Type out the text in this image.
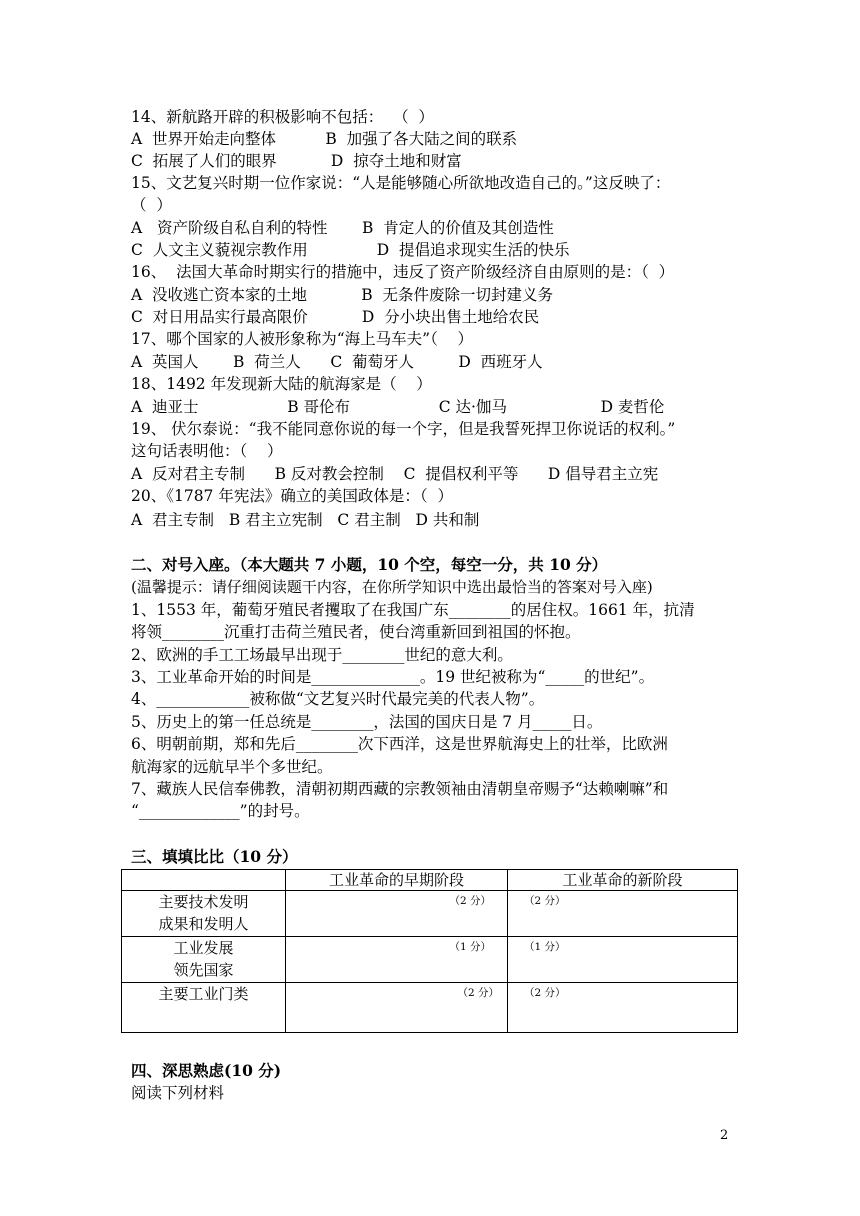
14、新航路开辟的积极影响不包括：  （  ）
A  世界开始走向整体          B  加强了各大陆之间的联系
C  拓展了人们的眼界           D  掠夺土地和财富
15、文艺复兴时期一位作家说：“人是能够随心所欲地改造自己的。”这反映了：
（  ）
A   资产阶级自私自利的特性       B  肯定人的价值及其创造性
C  人文主义藐视宗教作用              D  提倡追求现实生活的快乐
16、  法国大革命时期实行的措施中，违反了资产阶级经济自由原则的是：（  ）
A  没收逃亡资本家的土地           B  无条件废除一切封建义务
C  对日用品实行最高限价           D  分小块出售土地给农民
17、哪个国家的人被形象称为“海上马车夫”（    ）
A  英国人       B  荷兰人      C  葡萄牙人         D  西班牙人
18、1492 年发现新大陆的航海家是（    ）
A  迪亚士                  B 哥伦布                  C 达·伽马                   D 麦哲伦
19、 伏尔泰说：“我不能同意你说的每一个字，但是我誓死捍卫你说话的权利。”
这句话表明他：（    ）
A  反对君主专制      B 反对教会控制    C  提倡权利平等      D 倡导君主立宪
20、《1787 年宪法》确立的美国政体是：（  ）
A  君主专制   B 君主立宪制   C 君主制   D 共和制
二、对号入座。（本大题共 7 小题，10 个空，每空一分，共 10 分）
(温馨提示：请仔细阅读题干内容，在你所学知识中选出最恰当的答案对号入座)
1、1553 年，葡萄牙殖民者攫取了在我国广东________的居住权。1661 年，抗清
将领________沉重打击荷兰殖民者，使台湾重新回到祖国的怀抱。
2、欧洲的手工工场最早出现于________世纪的意大利。
3、工业革命开始的时间是______________。19 世纪被称为“_____的世纪”。
4、____________被称做“文艺复兴时代最完美的代表人物”。
5、历史上的第一任总统是________，法国的国庆日是 7 月_____日。
6、明朝前期，郑和先后________次下西洋，这是世界航海史上的壮举，比欧洲
航海家的远航早半个多世纪。
7、藏族人民信奉佛教，清朝初期西藏的宗教领袖由清朝皇帝赐予“达赖喇嘛”和
“_____________”的封号。
三、填填比比（10 分）
四、深思熟虑(10 分)
阅读下列材料
	工业革命的早期阶段	工业革命的新阶段
主要技术发明
成果和发明人	（2 分）	（2 分）

工业发展
领先国家	（1 分）	（1 分）

主要工业门类	（2 分）	（2 分）
2
